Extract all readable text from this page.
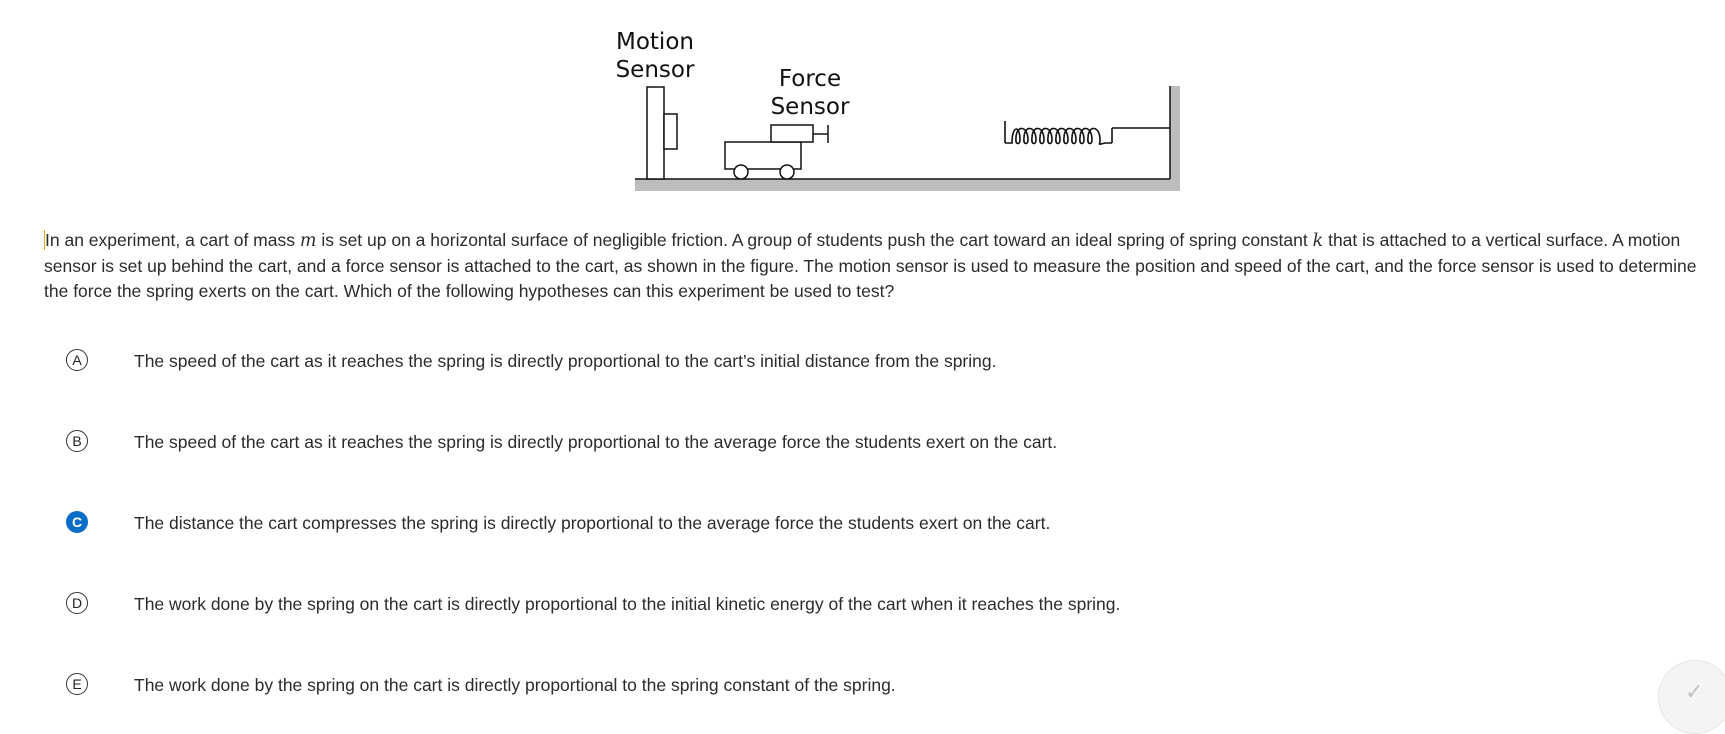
Motion
Sensor	Force
Sensor
In an experiment, a cart of mass m is set up on a horizontal surface of negligible friction. A group of students push the cart toward an ideal spring of spring constant k that is attached to a vertical surface. A motion sensor is set up behind the cart, and a force sensor is attached to the cart, as shown in the figure. The motion sensor is used to measure the position and speed of the cart, and the force sensor is used to determine the force the spring exerts on the cart. Which of the following hypotheses can this experiment be used to test?
A	The speed of the cart as it reaches the spring is directly proportional to the cart’s initial distance from the spring.
B	The speed of the cart as it reaches the spring is directly proportional to the average force the students exert on the cart.
C	The distance the cart compresses the spring is directly proportional to the average force the students exert on the cart.
D	The work done by the spring on the cart is directly proportional to the initial kinetic energy of the cart when it reaches the spring.
E	The work done by the spring on the cart is directly proportional to the spring constant of the spring.	✓
